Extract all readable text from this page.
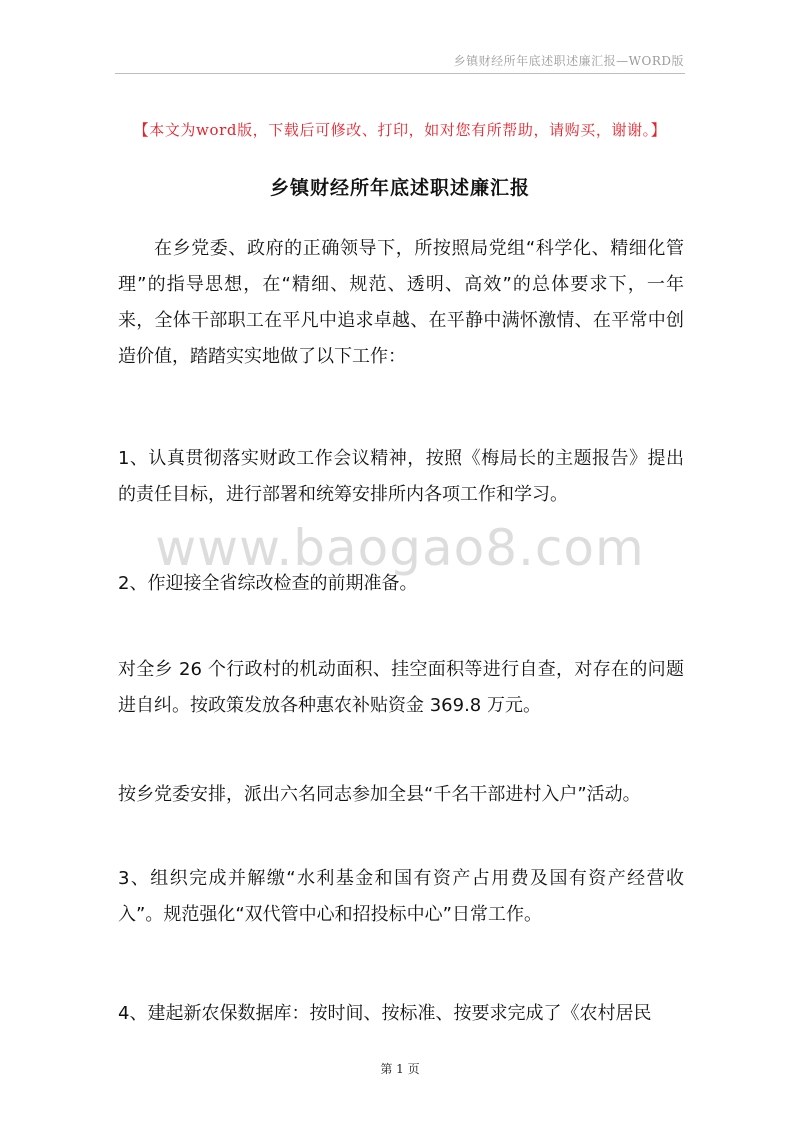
乡镇财经所年底述职述廉汇报—WORD版
【本文为word版，下载后可修改、打印，如对您有所帮助，请购买，谢谢。】
乡镇财经所年底述职述廉汇报

在乡党委、政府的正确领导下，所按照局党组“科学化、精细化管理”的指导思想，在“精细、规范、透明、高效”的总体要求下，一年来，全体干部职工在平凡中追求卓越、在平静中满怀激情、在平常中创造价值，踏踏实实地做了以下工作：

1、认真贯彻落实财政工作会议精神，按照《梅局长的主题报告》提出的责任目标，进行部署和统筹安排所内各项工作和学习。

2、作迎接全省综改检查的前期准备。

对全乡 26 个行政村的机动面积、挂空面积等进行自查，对存在的问题进自纠。按政策发放各种惠农补贴资金 369.8 万元。

按乡党委安排，派出六名同志参加全县“千名干部进村入户”活动。

3、组织完成并解缴“水利基金和国有资产占用费及国有资产经营收入”。规范强化“双代管中心和招投标中心”日常工作。

4、建起新农保数据库：按时间、按标准、按要求完成了《农村居民

www.baogao8.com
第 1 页
